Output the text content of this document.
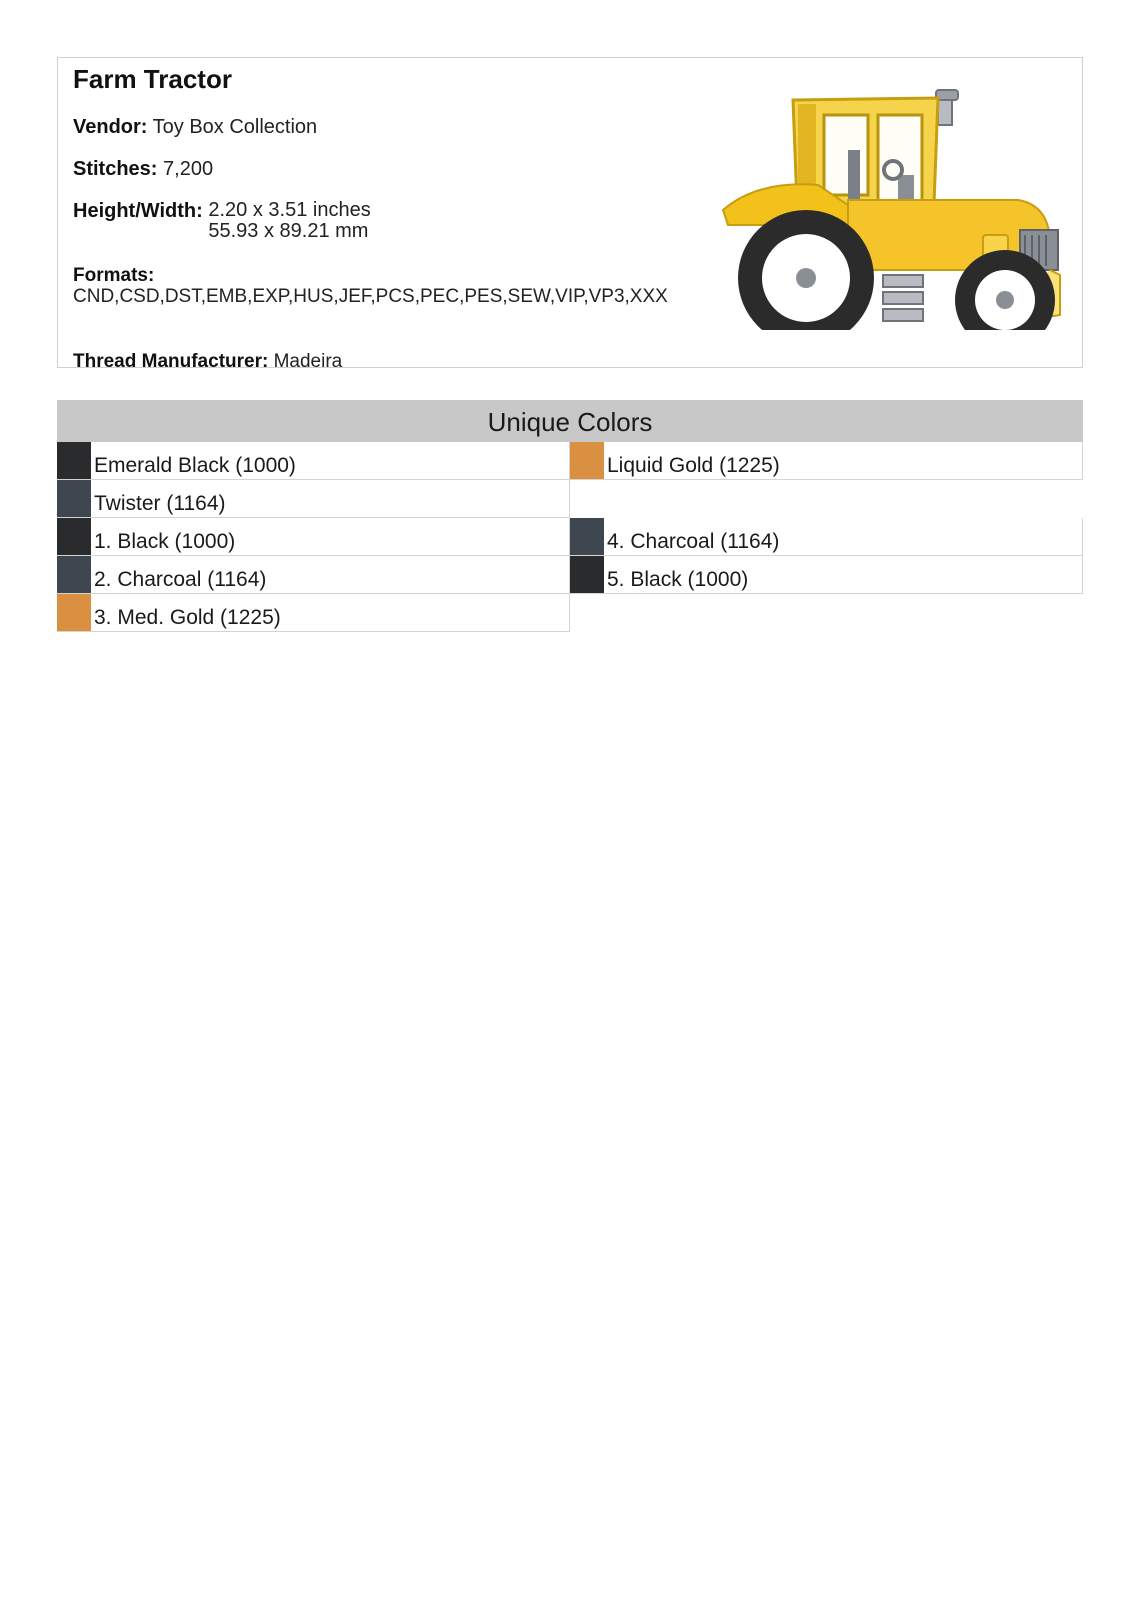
Farm Tractor
Vendor: Toy Box Collection
Stitches: 7,200
Height/Width: 2.20 x 3.51 inches
55.93 x 89.21 mm
Formats:
CND,CSD,DST,EMB,EXP,HUS,JEF,PCS,PEC,PES,SEW,VIP,VP3,XXX
Thread Manufacturer: Madeira
Unique Colors
Emerald Black (1000)	Liquid Gold (1225)
Twister (1164)
1. Black (1000)	4. Charcoal (1164)
2. Charcoal (1164)	5. Black (1000)
3. Med. Gold (1225)
